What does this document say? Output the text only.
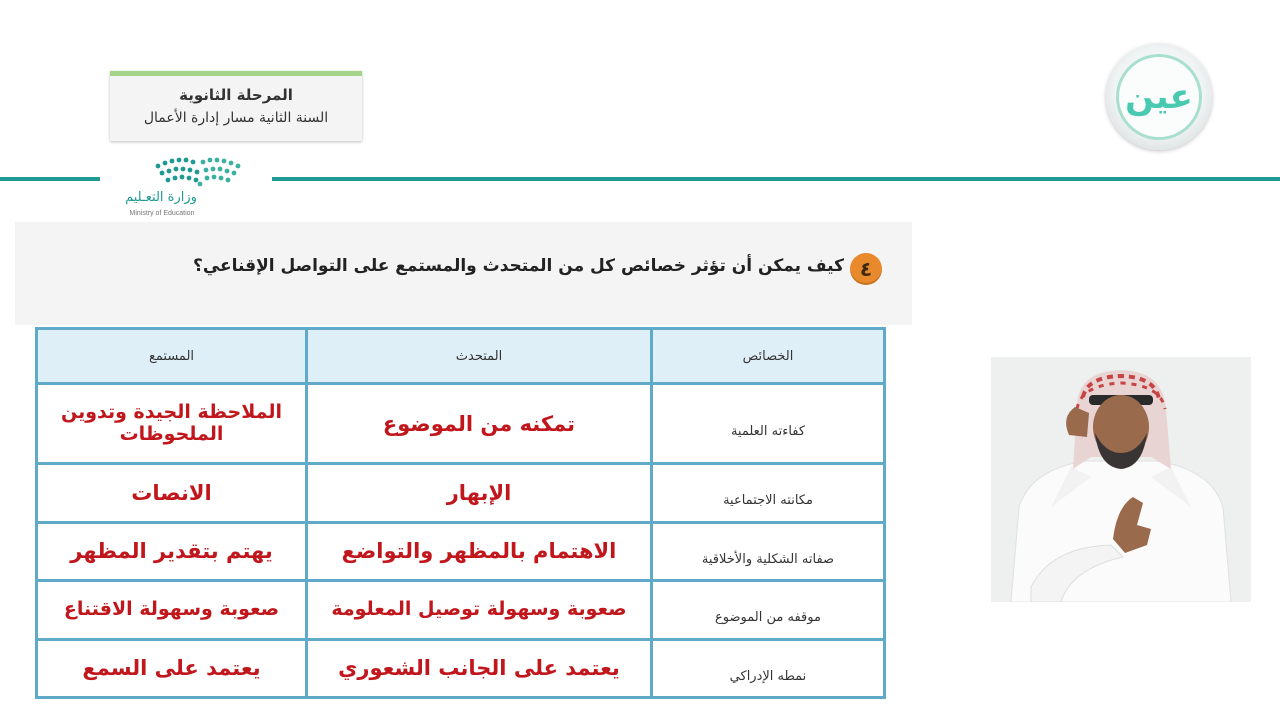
المرحلة الثانوية
السنة الثانية مسار إدارة الأعمال
وزارة التعـليم
Ministry of Education
عين
٤
كيف يمكن أن تؤثر خصائص كل من المتحدث والمستمع على التواصل الإقناعي؟
الخصائص	المتحدث	المستمع
كفاءته العلمية	تمكنه من الموضوع	الملاحظة الجيدة وتدوين الملحوظات
مكانته الاجتماعية	الإبهار	الانصات
صفاته الشكلية والأخلاقية	الاهتمام بالمظهر والتواضع	يهتم بتقدير المظهر
موقفه من الموضوع	صعوبة وسهولة توصيل المعلومة	صعوبة وسهولة الاقتناع
نمطه الإدراكي	يعتمد على الجانب الشعوري	يعتمد على السمع
